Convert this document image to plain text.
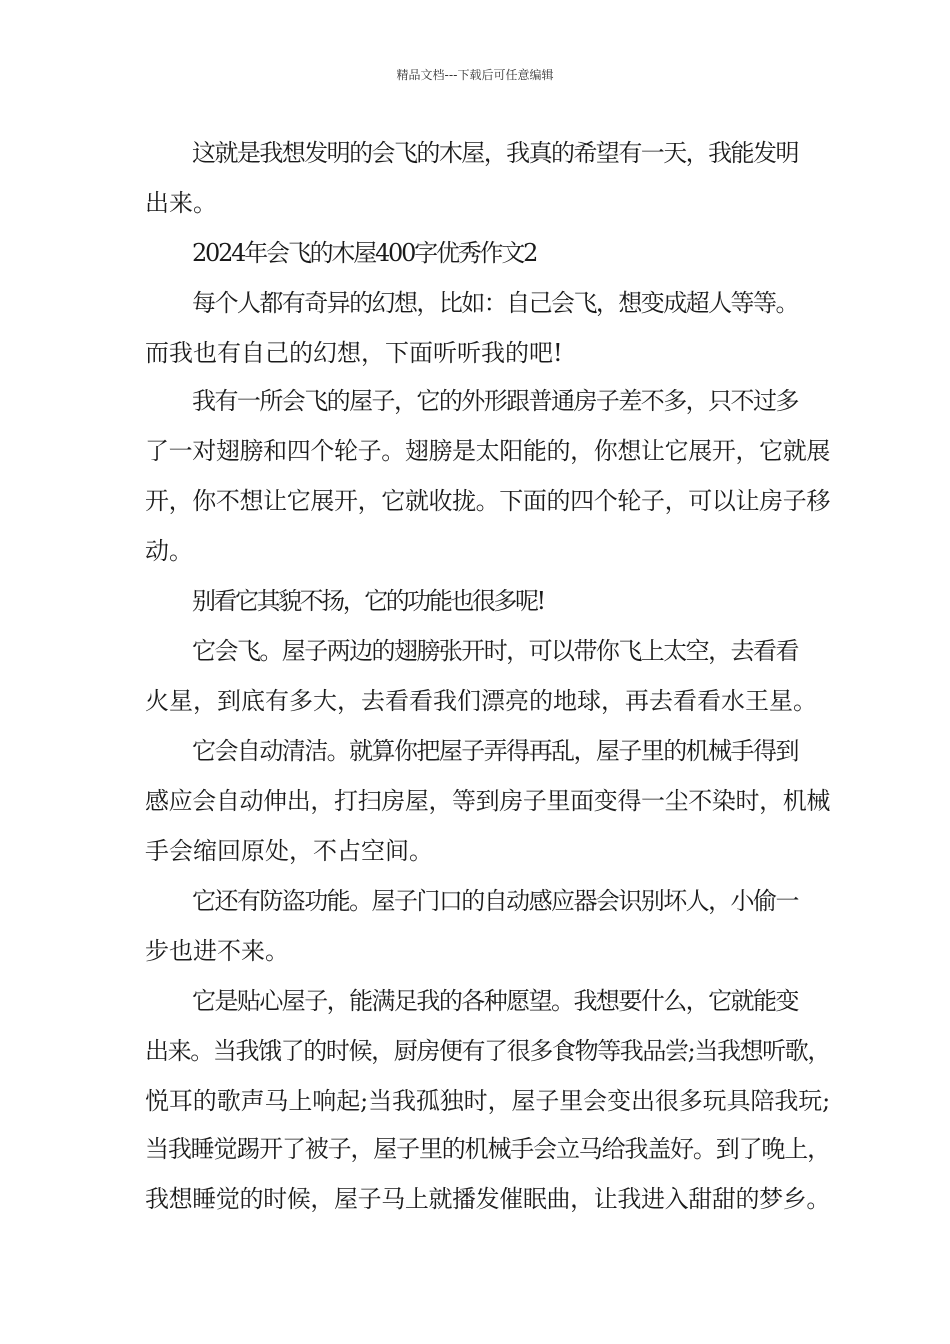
精品文档---下载后可任意编辑
这就是我想发明的会飞的木屋，我真的希望有一天，我能发明
出来。
2024年会飞的木屋400字优秀作文2
每个人都有奇异的幻想，比如：自己会飞，想变成超人等等。
而我也有自己的幻想，下面听听我的吧!
我有一所会飞的屋子，它的外形跟普通房子差不多，只不过多
了一对翅膀和四个轮子。翅膀是太阳能的，你想让它展开，它就展
开，你不想让它展开，它就收拢。下面的四个轮子，可以让房子移
动。
别看它其貌不扬，它的功能也很多呢!
它会飞。屋子两边的翅膀张开时，可以带你飞上太空，去看看
火星，到底有多大，去看看我们漂亮的地球，再去看看水王星。
它会自动清洁。就算你把屋子弄得再乱，屋子里的机械手得到
感应会自动伸出，打扫房屋，等到房子里面变得一尘不染时，机械
手会缩回原处，不占空间。
它还有防盗功能。屋子门口的自动感应器会识别坏人，小偷一
步也进不来。
它是贴心屋子，能满足我的各种愿望。我想要什么，它就能变
出来。当我饿了的时候，厨房便有了很多食物等我品尝;当我想听歌，
悦耳的歌声马上响起;当我孤独时，屋子里会变出很多玩具陪我玩;
当我睡觉踢开了被子，屋子里的机械手会立马给我盖好。到了晚上，
我想睡觉的时候，屋子马上就播发催眠曲，让我进入甜甜的梦乡。
